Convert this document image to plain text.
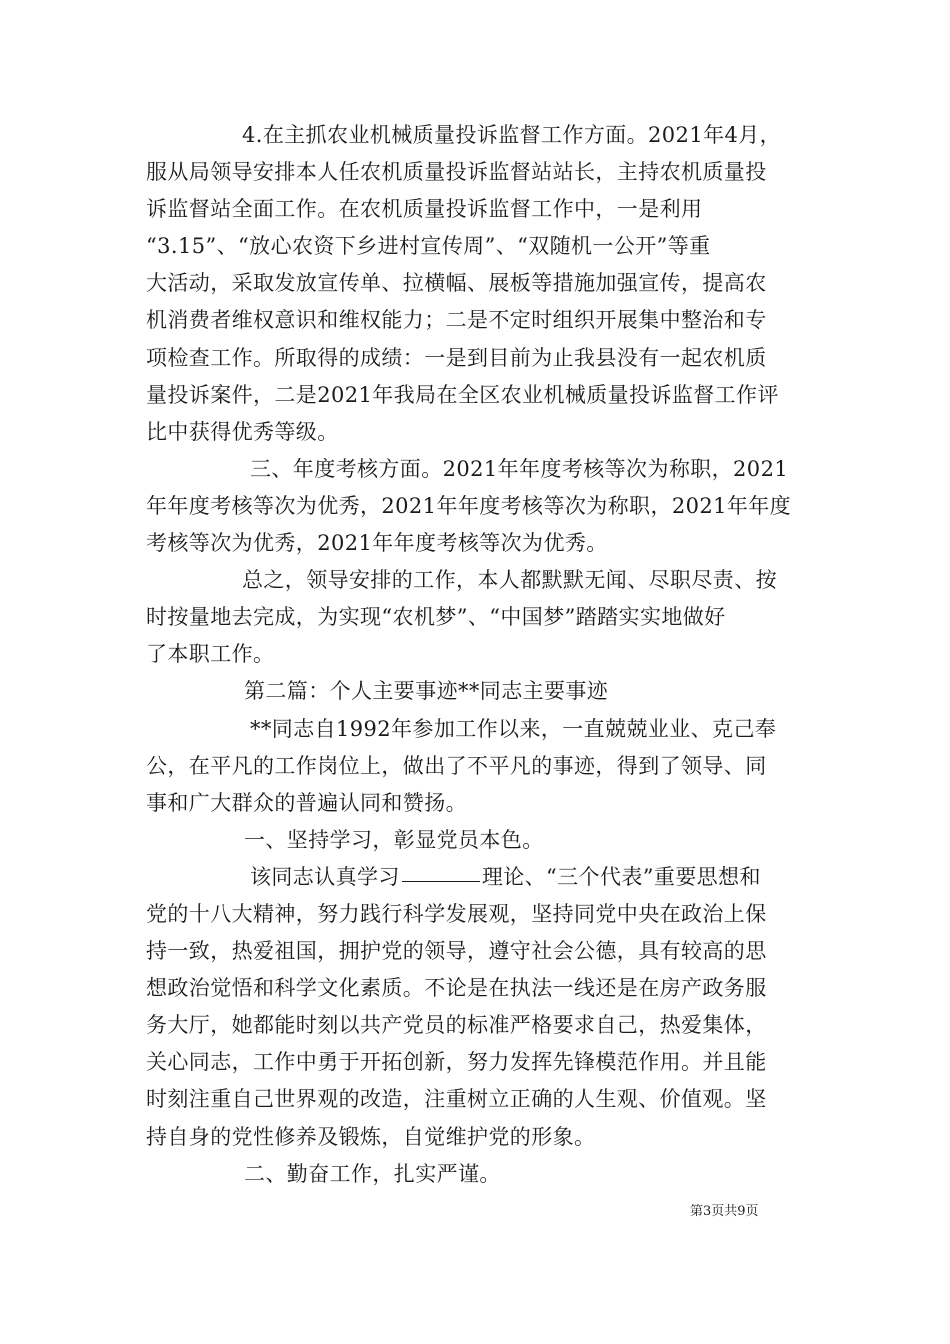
4.在主抓农业机械质量投诉监督工作方面。2021年4月，
服从局领导安排本人任农机质量投诉监督站站长，主持农机质量投
诉监督站全面工作。在农机质量投诉监督工作中，一是利用
“3.15”、“放心农资下乡进村宣传周”、“双随机一公开”等重
大活动，采取发放宣传单、拉横幅、展板等措施加强宣传，提高农
机消费者维权意识和维权能力；二是不定时组织开展集中整治和专
项检查工作。所取得的成绩：一是到目前为止我县没有一起农机质
量投诉案件，二是2021年我局在全区农业机械质量投诉监督工作评
比中获得优秀等级。
三、年度考核方面。2021年年度考核等次为称职，2021
年年度考核等次为优秀，2021年年度考核等次为称职，2021年年度
考核等次为优秀，2021年年度考核等次为优秀。
总之，领导安排的工作，本人都默默无闻、尽职尽责、按
时按量地去完成，为实现“农机梦”、“中国梦”踏踏实实地做好
了本职工作。
第二篇：个人主要事迹**同志主要事迹
**同志自1992年参加工作以来，一直兢兢业业、克己奉
公，在平凡的工作岗位上，做出了不平凡的事迹，得到了领导、同
事和广大群众的普遍认同和赞扬。
一、坚持学习，彰显党员本色。
该同志认真学习	理论、“三个代表”重要思想和
党的十八大精神，努力践行科学发展观，坚持同党中央在政治上保
持一致，热爱祖国，拥护党的领导，遵守社会公德，具有较高的思
想政治觉悟和科学文化素质。不论是在执法一线还是在房产政务服
务大厅，她都能时刻以共产党员的标准严格要求自己，热爱集体，
关心同志，工作中勇于开拓创新，努力发挥先锋模范作用。并且能
时刻注重自己世界观的改造，注重树立正确的人生观、价值观。坚
持自身的党性修养及锻炼，自觉维护党的形象。
二、勤奋工作，扎实严谨。
第3页共9页
